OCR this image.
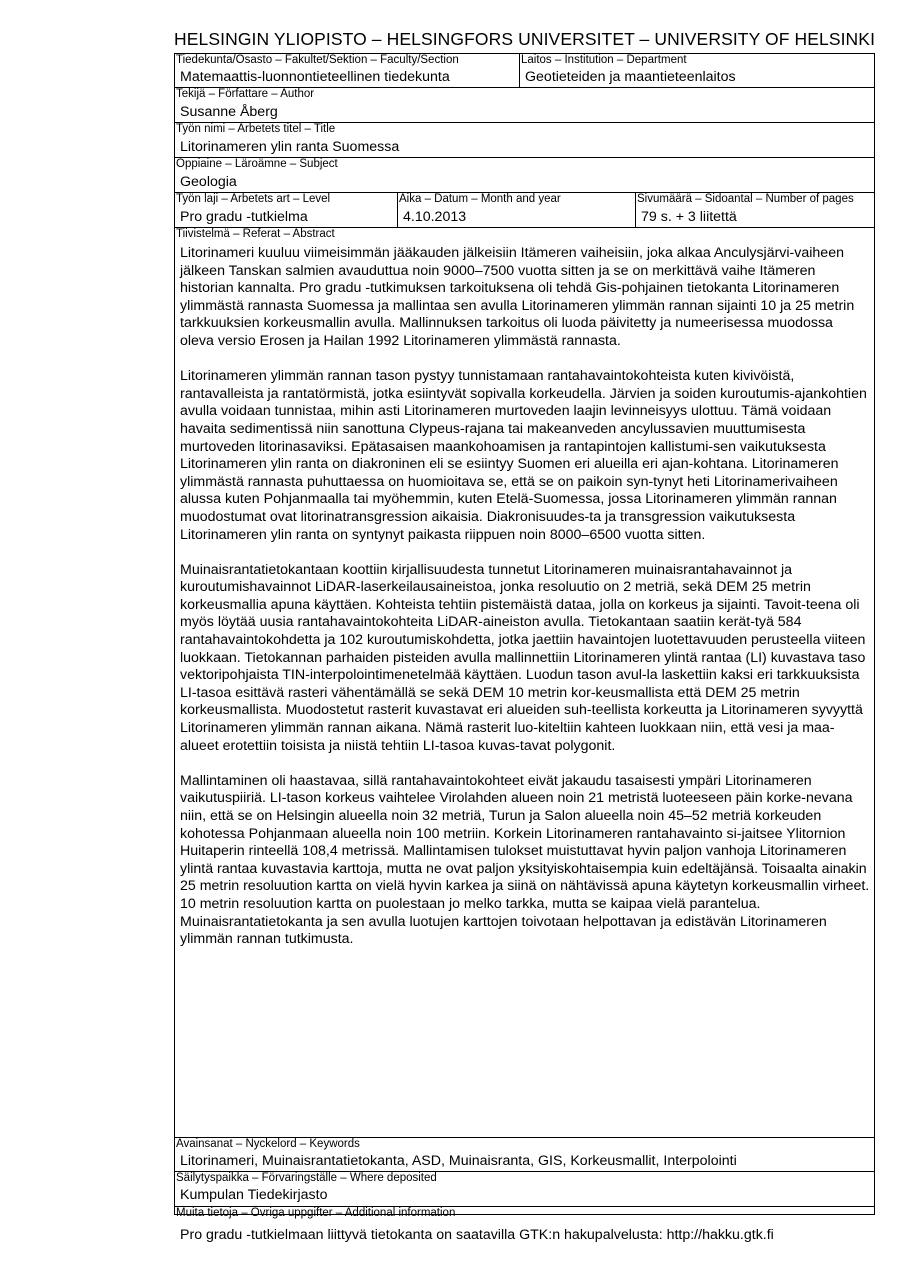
HELSINGIN YLIOPISTO – HELSINGFORS UNIVERSITET – UNIVERSITY OF HELSINKI
Tiedekunta/Osasto – Fakultet/Sektion – Faculty/Section
Matemaattis-luonnontieteellinen tiedekunta
Laitos – Institution – Department
Geotieteiden ja maantieteenlaitos
Tekijä – Författare – Author
Susanne Åberg
Työn nimi – Arbetets titel – Title
Litorinameren ylin ranta Suomessa
Oppiaine – Läroämne – Subject
Geologia
Työn laji – Arbetets art – Level
Pro gradu -tutkielma
Aika – Datum – Month and year
4.10.2013
Sivumäärä – Sidoantal – Number of pages
79 s. + 3 liitettä
Tiivistelmä – Referat – Abstract

Litorinameri kuuluu viimeisimmän jääkauden jälkeisiin Itämeren vaiheisiin, joka alkaa Anculysjärvi-vaiheen jälkeen Tanskan salmien avauduttua noin 9000–7500 vuotta sitten ja se on merkittävä vaihe Itämeren historian kannalta. Pro gradu -tutkimuksen tarkoituksena oli tehdä Gis-pohjainen tietokanta Litorinameren ylimmästä rannasta Suomessa ja mallintaa sen avulla Litorinameren ylimmän rannan sijainti 10 ja 25 metrin tarkkuuksien korkeusmallin avulla. Mallinnuksen tarkoitus oli luoda päivitetty ja numeerisessa muodossa oleva versio Erosen ja Hailan 1992 Litorinameren ylimmästä rannasta.

Litorinameren ylimmän rannan tason pystyy tunnistamaan rantahavaintokohteista kuten kivivöistä, rantavalleista ja rantatörmistä, jotka esiintyvät sopivalla korkeudella. Järvien ja soiden kuroutumis-ajankohtien avulla voidaan tunnistaa, mihin asti Litorinameren murtoveden laajin levinneisyys ulottuu. Tämä voidaan havaita sedimentissä niin sanottuna Clypeus-rajana tai makeanveden ancylussavien muuttumisesta murtoveden litorinasaviksi. Epätasaisen maankohoamisen ja rantapintojen kallistumi-sen vaikutuksesta Litorinameren ylin ranta on diakroninen eli se esiintyy Suomen eri alueilla eri ajan-kohtana. Litorinameren ylimmästä rannasta puhuttaessa on huomioitava se, että se on paikoin syn-tynyt heti Litorinamerivaiheen alussa kuten Pohjanmaalla tai myöhemmin, kuten Etelä-Suomessa, jossa Litorinameren ylimmän rannan muodostumat ovat litorinatransgression aikaisia. Diakronisuudes-ta ja transgression vaikutuksesta Litorinameren ylin ranta on syntynyt paikasta riippuen noin 8000–6500 vuotta sitten.

Muinaisrantatietokantaan koottiin kirjallisuudesta tunnetut Litorinameren muinaisrantahavainnot ja kuroutumishavainnot LiDAR-laserkeilausaineistoa, jonka resoluutio on 2 metriä, sekä DEM 25 metrin korkeusmallia apuna käyttäen. Kohteista tehtiin pistemäistä dataa, jolla on korkeus ja sijainti. Tavoit-teena oli myös löytää uusia rantahavaintokohteita LiDAR-aineiston avulla. Tietokantaan saatiin kerät-tyä 584 rantahavaintokohdetta ja 102 kuroutumiskohdetta, jotka jaettiin havaintojen luotettavuuden perusteella viiteen luokkaan. Tietokannan parhaiden pisteiden avulla mallinnettiin Litorinameren ylintä rantaa (LI) kuvastava taso vektoripohjaista TIN-interpolointimenetelmää käyttäen. Luodun tason avul-la laskettiin kaksi eri tarkkuuksista LI-tasoa esittävä rasteri vähentämällä se sekä DEM 10 metrin kor-keusmallista että DEM 25 metrin korkeusmallista. Muodostetut rasterit kuvastavat eri alueiden suh-teellista korkeutta ja Litorinameren syvyyttä Litorinameren ylimmän rannan aikana. Nämä rasterit luo-kiteltiin kahteen luokkaan niin, että vesi ja maa-alueet erotettiin toisista ja niistä tehtiin LI-tasoa kuvas-tavat polygonit.

Mallintaminen oli haastavaa, sillä rantahavaintokohteet eivät jakaudu tasaisesti ympäri Litorinameren vaikutuspiiriä. LI-tason korkeus vaihtelee Virolahden alueen noin 21 metristä luoteeseen päin korke-nevana niin, että se on Helsingin alueella noin 32 metriä, Turun ja Salon alueella noin 45–52 metriä korkeuden kohotessa Pohjanmaan alueella noin 100 metriin. Korkein Litorinameren rantahavainto si-jaitsee Ylitornion Huitaperin rinteellä 108,4 metrissä. Mallintamisen tulokset muistuttavat hyvin paljon vanhoja Litorinameren ylintä rantaa kuvastavia karttoja, mutta ne ovat paljon yksityiskohtaisempia kuin edeltäjänsä. Toisaalta ainakin 25 metrin resoluution kartta on vielä hyvin karkea ja siinä on nähtävissä apuna käytetyn korkeusmallin virheet. 10 metrin resoluution kartta on puolestaan jo melko tarkka, mutta se kaipaa vielä parantelua. Muinaisrantatietokanta ja sen avulla luotujen karttojen toivotaan helpottavan ja edistävän Litorinameren ylimmän rannan tutkimusta.

Avainsanat – Nyckelord – Keywords
Litorinameri, Muinaisrantatietokanta, ASD, Muinaisranta, GIS, Korkeusmallit, Interpolointi
Säilytyspaikka – Förvaringställe – Where deposited
Kumpulan Tiedekirjasto
Muita tietoja – Övriga uppgifter – Additional information
Pro gradu -tutkielmaan liittyvä tietokanta on saatavilla GTK:n hakupalvelusta: http://hakku.gtk.fi
